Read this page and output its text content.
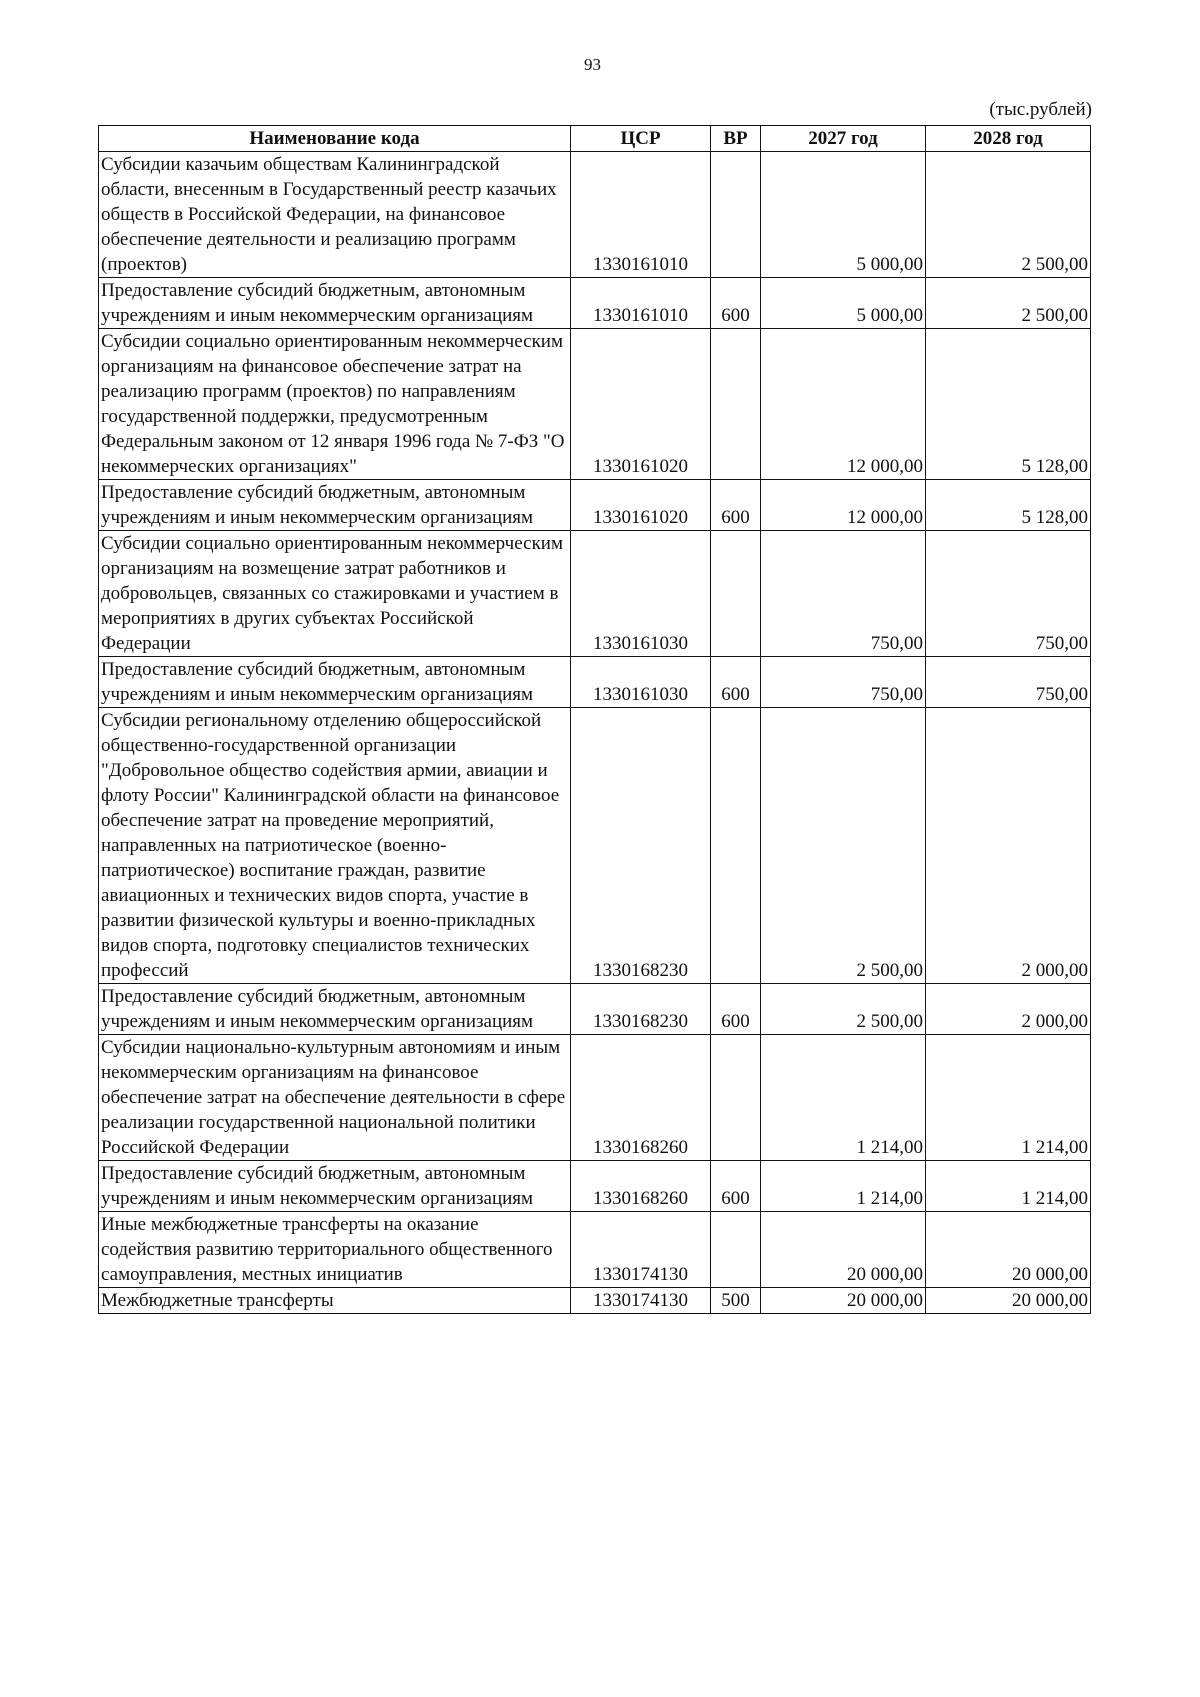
93
(тыс.рублей)
Наименование кода	ЦСР	ВР	2027 год	2028 год
Субсидии казачьим обществам Калининградской области, внесенным в Государственный реестр казачьих обществ в Российской Федерации, на финансовое обеспечение деятельности и реализацию программ (проектов)	1330161010		5 000,00	2 500,00
Предоставление субсидий бюджетным, автономным учреждениям и иным некоммерческим организациям	1330161010	600	5 000,00	2 500,00
Субсидии социально ориентированным некоммерческим организациям на финансовое обеспечение затрат на реализацию программ (проектов) по направлениям государственной поддержки, предусмотренным Федеральным законом от 12 января 1996 года № 7-ФЗ "О некоммерческих организациях"	1330161020		12 000,00	5 128,00
Предоставление субсидий бюджетным, автономным учреждениям и иным некоммерческим организациям	1330161020	600	12 000,00	5 128,00
Субсидии социально ориентированным некоммерческим организациям на возмещение затрат работников и добровольцев, связанных со стажировками и участием в мероприятиях в других субъектах Российской Федерации	1330161030		750,00	750,00
Предоставление субсидий бюджетным, автономным учреждениям и иным некоммерческим организациям	1330161030	600	750,00	750,00
Субсидии региональному отделению общероссийской общественно-государственной организации "Добровольное общество содействия армии, авиации и флоту России" Калининградской области на финансовое обеспечение затрат на проведение мероприятий, направленных на патриотическое (военно-патриотическое) воспитание граждан, развитие авиационных и технических видов спорта, участие в развитии физической культуры и военно-прикладных видов спорта, подготовку специалистов технических профессий	1330168230		2 500,00	2 000,00
Предоставление субсидий бюджетным, автономным учреждениям и иным некоммерческим организациям	1330168230	600	2 500,00	2 000,00
Субсидии национально-культурным автономиям и иным некоммерческим организациям на финансовое обеспечение затрат на обеспечение деятельности в сфере реализации государственной национальной политики Российской Федерации	1330168260		1 214,00	1 214,00
Предоставление субсидий бюджетным, автономным учреждениям и иным некоммерческим организациям	1330168260	600	1 214,00	1 214,00
Иные межбюджетные трансферты на оказание содействия развитию территориального общественного самоуправления, местных инициатив	1330174130		20 000,00	20 000,00
Межбюджетные трансферты	1330174130	500	20 000,00	20 000,00
